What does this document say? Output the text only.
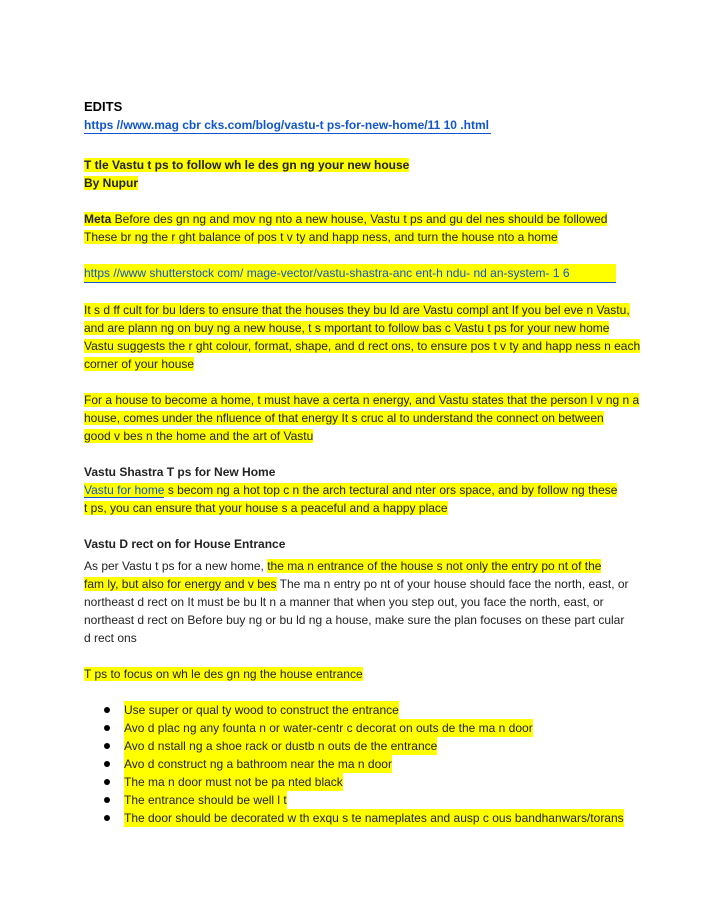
EDITS
https //www.mag cbr cks.com/blog/vastu-t ps-for-new-home/11 10 .html
T tle Vastu t ps to follow wh le des gn ng your new house
By Nupur
Meta Before des gn ng and mov ng nto a new house, Vastu t ps and gu del nes should be followed
These br ng the r ght balance of pos t v ty and happ ness, and turn the house nto a home
https //www shutterstock com/ mage-vector/vastu-shastra-anc ent-h ndu- nd an-system- 1 6
It s d ff cult for bu lders to ensure that the houses they bu ld are Vastu compl ant If you bel eve n Vastu,
and are plann ng on buy ng a new house, t s mportant to follow bas c Vastu t ps for your new home
Vastu suggests the r ght colour, format, shape, and d rect ons, to ensure pos t v ty and happ ness n each
corner of your house
For a house to become a home, t must have a certa n energy, and Vastu states that the person l v ng n a
house, comes under the nfluence of that energy It s cruc al to understand the connect on between
good v bes n the home and the art of Vastu
Vastu Shastra T ps for New Home
Vastu for home s becom ng a hot top c n the arch tectural and nter ors space, and by follow ng these
t ps, you can ensure that your house s a peaceful and a happy place
Vastu D rect on for House Entrance
As per Vastu t ps for a new home, the ma n entrance of the house s not only the entry po nt of the
fam ly, but also for energy and v bes The ma n entry po nt of your house should face the north, east, or
northeast d rect on It must be bu lt n a manner that when you step out, you face the north, east, or
northeast d rect on Before buy ng or bu ld ng a house, make sure the plan focuses on these part cular
d rect ons
T ps to focus on wh le des gn ng the house entrance
Use super or qual ty wood to construct the entrance
Avo d plac ng any founta n or water-centr c decorat on outs de the ma n door
Avo d nstall ng a shoe rack or dustb n outs de the entrance
Avo d construct ng a bathroom near the ma n door
The ma n door must not be pa nted black
The entrance should be well l t
The door should be decorated w th exqu s te nameplates and ausp c ous bandhanwars/torans
